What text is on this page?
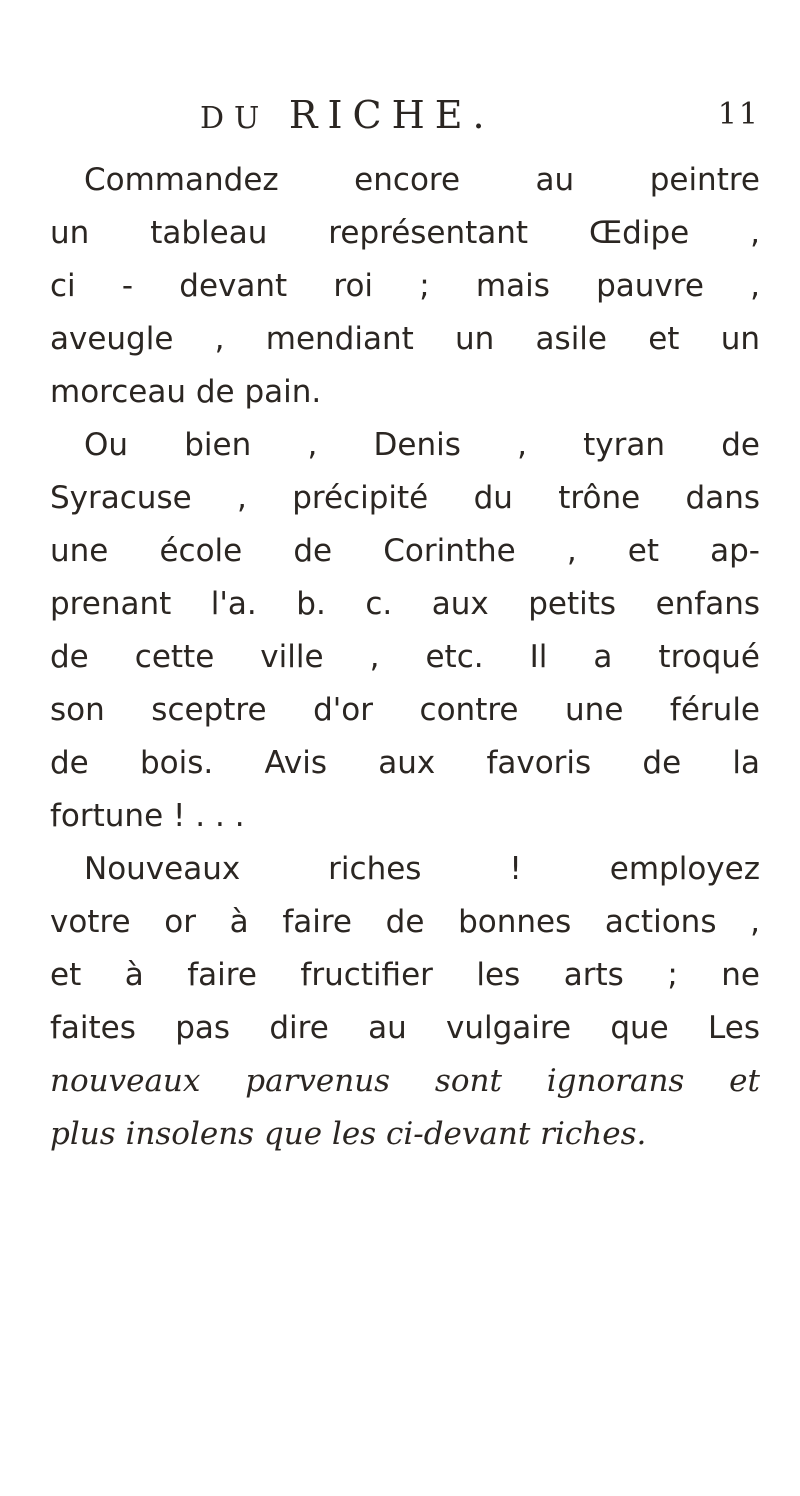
DU RICHE.	11
Commandez encore au peintre
un tableau représentant Œdipe ,
ci - devant roi ; mais pauvre ,
aveugle , mendiant un asile et un
morceau de pain.
Ou bien , Denis , tyran de
Syracuse , précipité du trône dans
une école de Corinthe , et ap-
prenant l'a. b. c. aux petits enfans
de cette ville , etc. Il a troqué
son sceptre d'or contre une férule
de bois. Avis aux favoris de la
fortune ! . . .
Nouveaux riches ! employez
votre or à faire de bonnes actions ,
et à faire fructifier les arts ; ne
faites pas dire au vulgaire que Les
nouveaux parvenus sont ignorans et
plus insolens que les ci-devant riches.
